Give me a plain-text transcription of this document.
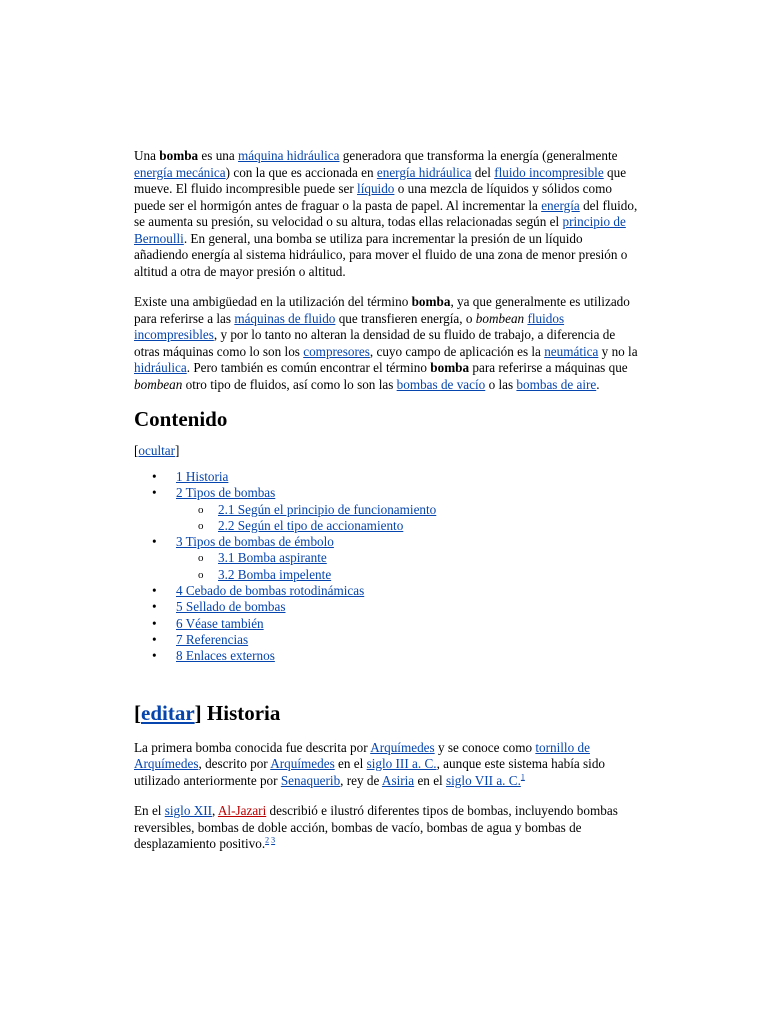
Una bomba es una máquina hidráulica generadora que transforma la energía (generalmente energía mecánica) con la que es accionada en energía hidráulica del fluido incompresible que mueve. El fluido incompresible puede ser líquido o una mezcla de líquidos y sólidos como puede ser el hormigón antes de fraguar o la pasta de papel. Al incrementar la energía del fluido, se aumenta su presión, su velocidad o su altura, todas ellas relacionadas según el principio de Bernoulli. En general, una bomba se utiliza para incrementar la presión de un líquido añadiendo energía al sistema hidráulico, para mover el fluido de una zona de menor presión o altitud a otra de mayor presión o altitud.

Existe una ambigüedad en la utilización del término bomba, ya que generalmente es utilizado para referirse a las máquinas de fluido que transfieren energía, o bombean fluidos incompresibles, y por lo tanto no alteran la densidad de su fluido de trabajo, a diferencia de otras máquinas como lo son los compresores, cuyo campo de aplicación es la neumática y no la hidráulica. Pero también es común encontrar el término bomba para referirse a máquinas que bombean otro tipo de fluidos, así como lo son las bombas de vacío o las bombas de aire.

Contenido
[ocultar]
• 1 Historia
• 2 Tipos de bombas
o 2.1 Según el principio de funcionamiento
o 2.2 Según el tipo de accionamiento
• 3 Tipos de bombas de émbolo
o 3.1 Bomba aspirante
o 3.2 Bomba impelente
• 4 Cebado de bombas rotodinámicas
• 5 Sellado de bombas
• 6 Véase también
• 7 Referencias
• 8 Enlaces externos
[editar] Historia

La primera bomba conocida fue descrita por Arquímedes y se conoce como tornillo de Arquímedes, descrito por Arquímedes en el siglo III a. C., aunque este sistema había sido utilizado anteriormente por Senaquerib, rey de Asiria en el siglo VII a. C.$^1$

En el siglo XII, Al-Jazari describió e ilustró diferentes tipos de bombas, incluyendo bombas reversibles, bombas de doble acción, bombas de vacío, bombas de agua y bombas de desplazamiento positivo.$^2$ $^3$
